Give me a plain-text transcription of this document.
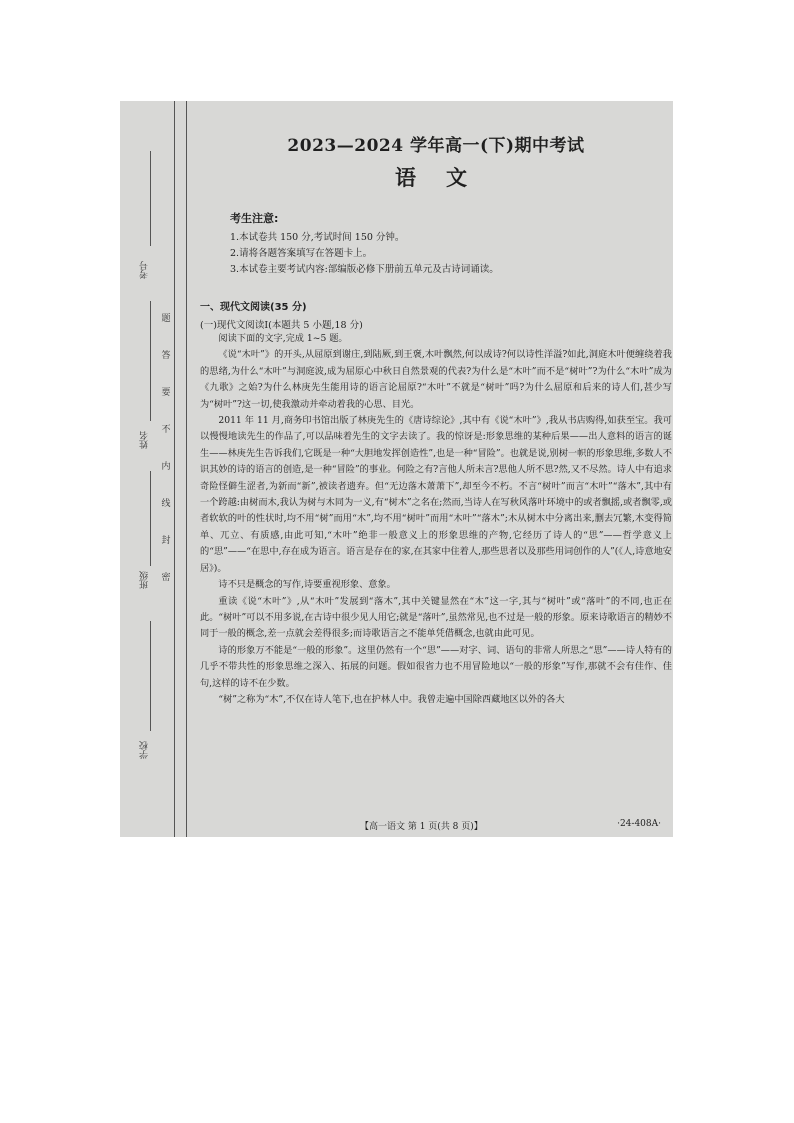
考号
姓名
班级
学校
题
答
要
不
内
线
封
密
2023—2024 学年高一(下)期中考试
语文
考生注意:
1.本试卷共 150 分,考试时间 150 分钟。
2.请将各题答案填写在答题卡上。
3.本试卷主要考试内容:部编版必修下册前五单元及古诗词诵读。
一、现代文阅读(35 分)
(一)现代文阅读Ⅰ(本题共 5 小题,18 分)

阅读下面的文字,完成 1~5 题。

《说“木叶”》的开头,从屈原到谢庄,到陆厥,到王褒,木叶飘然,何以成诗?何以诗性洋溢?如此,洞庭木叶便缠绕着我的思绪,为什么“木叶”与洞庭波,成为屈原心中秋日自然景观的代表?为什么是“木叶”而不是“树叶”?为什么“木叶”成为《九歌》之始?为什么林庚先生能用诗的语言论屈原?“木叶”不就是“树叶”吗?为什么屈原和后来的诗人们,甚少写为“树叶”?这一切,使我激动并牵动着我的心思、目光。

2011 年 11 月,商务印书馆出版了林庚先生的《唐诗综论》,其中有《说“木叶”》,我从书店购得,如获至宝。我可以慢慢地读先生的作品了,可以品味着先生的文字去读了。我的惊讶是:形象思维的某种后果——出人意料的语言的诞生——林庚先生告诉我们,它既是一种“大胆地发挥创造性”,也是一种“冒险”。也就是说,别树一帜的形象思维,多数人不识其妙的诗的语言的创造,是一种“冒险”的事业。何险之有?言他人所未言?思他人所不思?然,又不尽然。诗人中有追求奇险怪僻生涩者,为新而“新”,被读者遗弃。但“无边落木萧萧下”,却至今不朽。不言“树叶”而言“木叶”“落木”,其中有一个跨越:由树而木,我认为树与木同为一义,有“树木”之名在;然而,当诗人在写秋风落叶环境中的或者飘摇,或者飘零,或者软软的叶的性状时,均不用“树”而用“木”,均不用“树叶”而用“木叶”“落木”;木从树木中分离出来,删去冗繁,木变得简单、兀立、有质感,由此可知,“木叶”绝非一般意义上的形象思维的产物,它经历了诗人的“思”——哲学意义上的“思”——“在思中,存在成为语言。语言是存在的家,在其家中住着人,那些思者以及那些用词创作的人”(《人,诗意地安居》)。

诗不只是概念的写作,诗要重视形象、意象。

重读《说“木叶”》,从“木叶”发展到“落木”,其中关键显然在“木”这一字,其与“树叶”或“落叶”的不同,也正在此。“树叶”可以不用多说,在古诗中很少见人用它;就是“落叶”,虽然常见,也不过是一般的形象。原来诗歌语言的精妙不同于一般的概念,差一点就会差得很多;而诗歌语言之不能单凭借概念,也就由此可见。

诗的形象万不能是“一般的形象”。这里仍然有一个“思”——对字、词、语句的非常人所思之“思”——诗人特有的几乎不带共性的形象思维之深入、拓展的问题。假如很省力也不用冒险地以“一般的形象”写作,那就不会有佳作、佳句,这样的诗不在少数。

“树”之称为“木”,不仅在诗人笔下,也在护林人中。我曾走遍中国除西藏地区以外的各大

【高一语文 第 1 页(共 8 页)】	·24-408A·
